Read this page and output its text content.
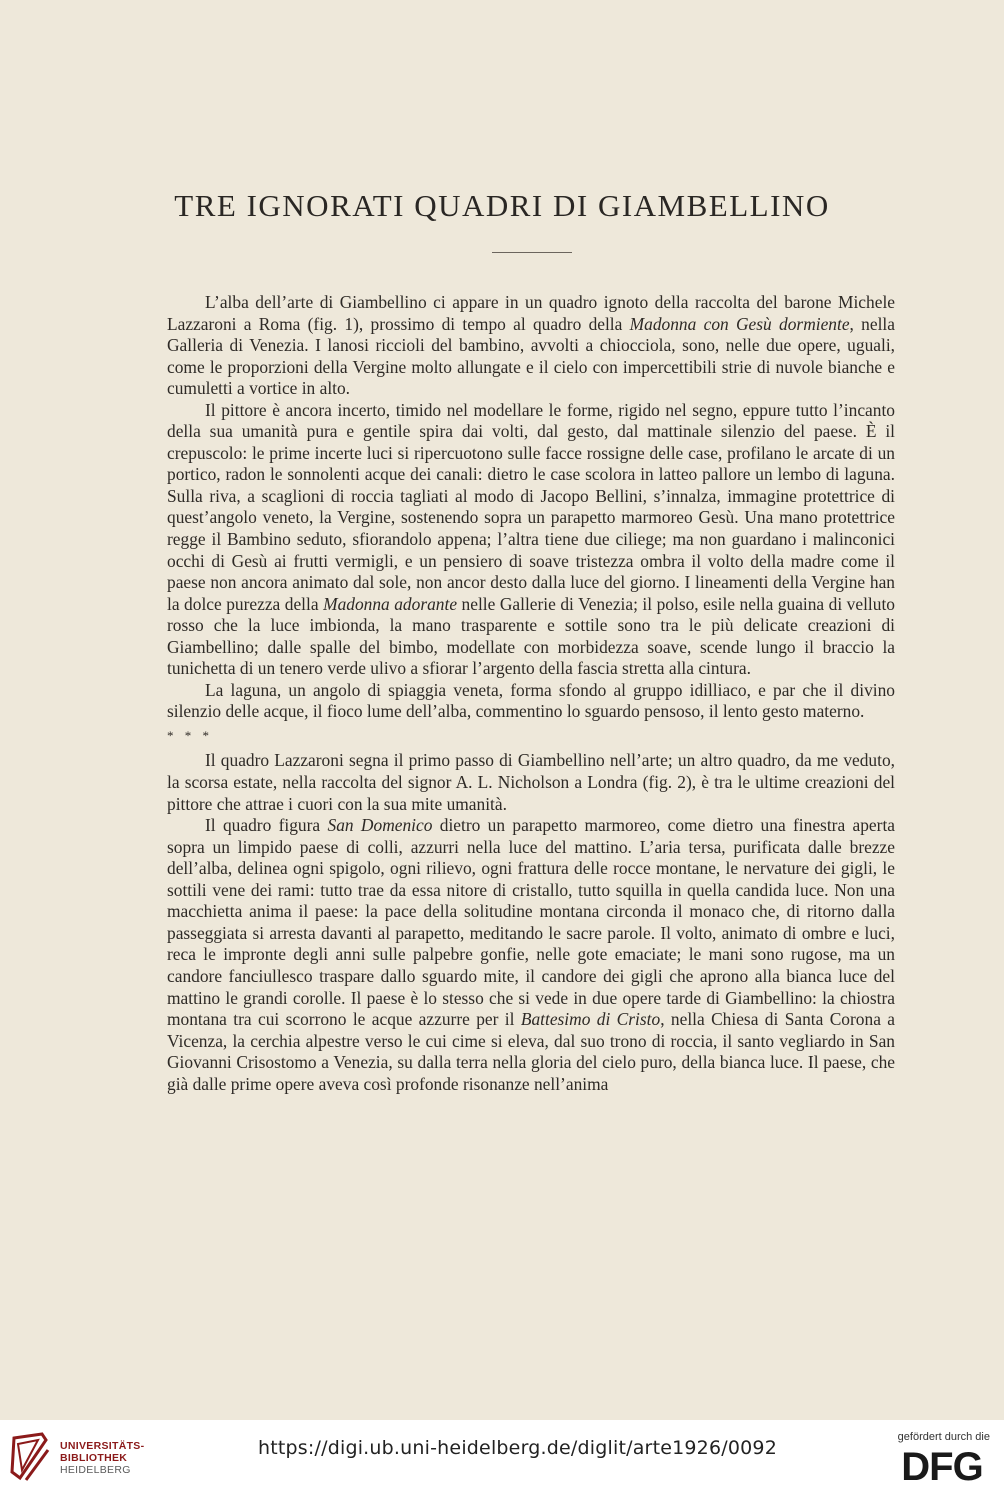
TRE IGNORATI QUADRI DI GIAMBELLINO

L’alba dell’arte di Giambellino ci appare in un quadro ignoto della raccolta del barone Michele Lazzaroni a Roma (fig. 1), prossimo di tempo al quadro della Madonna con Gesù dormiente, nella Galleria di Venezia. I lanosi riccioli del bambino, avvolti a chiocciola, sono, nelle due opere, uguali, come le proporzioni della Vergine molto allungate e il cielo con impercettibili strie di nuvole bianche e cumuletti a vortice in alto.

Il pittore è ancora incerto, timido nel modellare le forme, rigido nel segno, eppure tutto l’incanto della sua umanità pura e gentile spira dai volti, dal gesto, dal mattinale silenzio del paese. È il crepuscolo: le prime incerte luci si ripercuotono sulle facce rossigne delle case, profilano le arcate di un portico, radon le sonnolenti acque dei canali: dietro le case scolora in latteo pallore un lembo di laguna. Sulla riva, a scaglioni di roccia tagliati al modo di Jacopo Bellini, s’innalza, immagine protettrice di quest’angolo veneto, la Vergine, sostenendo sopra un parapetto marmoreo Gesù. Una mano protettrice regge il Bambino seduto, sfiorandolo appena; l’altra tiene due ciliege; ma non guardano i malinconici occhi di Gesù ai frutti vermigli, e un pensiero di soave tristezza ombra il volto della madre come il paese non ancora animato dal sole, non ancor desto dalla luce del giorno. I lineamenti della Vergine han la dolce purezza della Madonna adorante nelle Gallerie di Venezia; il polso, esile nella guaina di velluto rosso che la luce imbionda, la mano trasparente e sottile sono tra le più delicate creazioni di Giambellino; dalle spalle del bimbo, modellate con morbidezza soave, scende lungo il braccio la tunichetta di un tenero verde ulivo a sfiorar l’argento della fascia stretta alla cintura.

La laguna, un angolo di spiaggia veneta, forma sfondo al gruppo idilliaco, e par che il divino silenzio delle acque, il fioco lume dell’alba, commentino lo sguardo pensoso, il lento gesto materno.

* * *

Il quadro Lazzaroni segna il primo passo di Giambellino nell’arte; un altro quadro, da me veduto, la scorsa estate, nella raccolta del signor A. L. Nicholson a Londra (fig. 2), è tra le ultime creazioni del pittore che attrae i cuori con la sua mite umanità.

Il quadro figura San Domenico dietro un parapetto marmoreo, come dietro una finestra aperta sopra un limpido paese di colli, azzurri nella luce del mattino. L’aria tersa, purificata dalle brezze dell’alba, delinea ogni spigolo, ogni rilievo, ogni frattura delle rocce montane, le nervature dei gigli, le sottili vene dei rami: tutto trae da essa nitore di cristallo, tutto squilla in quella candida luce. Non una macchietta anima il paese: la pace della solitudine montana circonda il monaco che, di ritorno dalla passeggiata si arresta davanti al parapetto, meditando le sacre parole. Il volto, animato di ombre e luci, reca le impronte degli anni sulle palpebre gonfie, nelle gote emaciate; le mani sono rugose, ma un candore fanciullesco traspare dallo sguardo mite, il candore dei gigli che aprono alla bianca luce del mattino le grandi corolle. Il paese è lo stesso che si vede in due opere tarde di Giambellino: la chiostra montana tra cui scorrono le acque azzurre per il Battesimo di Cristo, nella Chiesa di Santa Corona a Vicenza, la cerchia alpestre verso le cui cime si eleva, dal suo trono di roccia, il santo vegliardo in San Giovanni Crisostomo a Venezia, su dalla terra nella gloria del cielo puro, della bianca luce. Il paese, che già dalle prime opere aveva così profonde risonanze nell’anima

UNIVERSITÄTS-
BIBLIOTHEK
HEIDELBERG
https://digi.ub.uni-heidelberg.de/diglit/arte1926/0092	gefördert durch die
DFG
